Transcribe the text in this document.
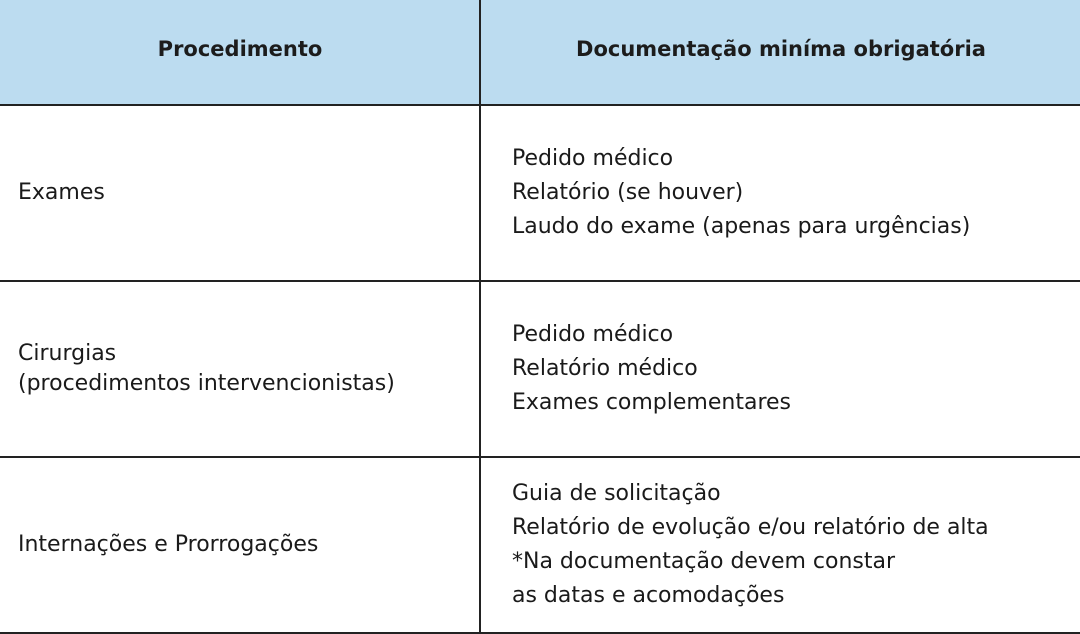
Procedimento	Documentação miníma obrigatória
Exames
Pedido médico
Relatório (se houver)
Laudo do exame (apenas para urgências)
Cirurgias
(procedimentos intervencionistas)
Pedido médico
Relatório médico
Exames complementares
Internações e Prorrogações
Guia de solicitação
Relatório de evolução e/ou relatório de alta
*Na documentação devem constar
as datas e acomodações
